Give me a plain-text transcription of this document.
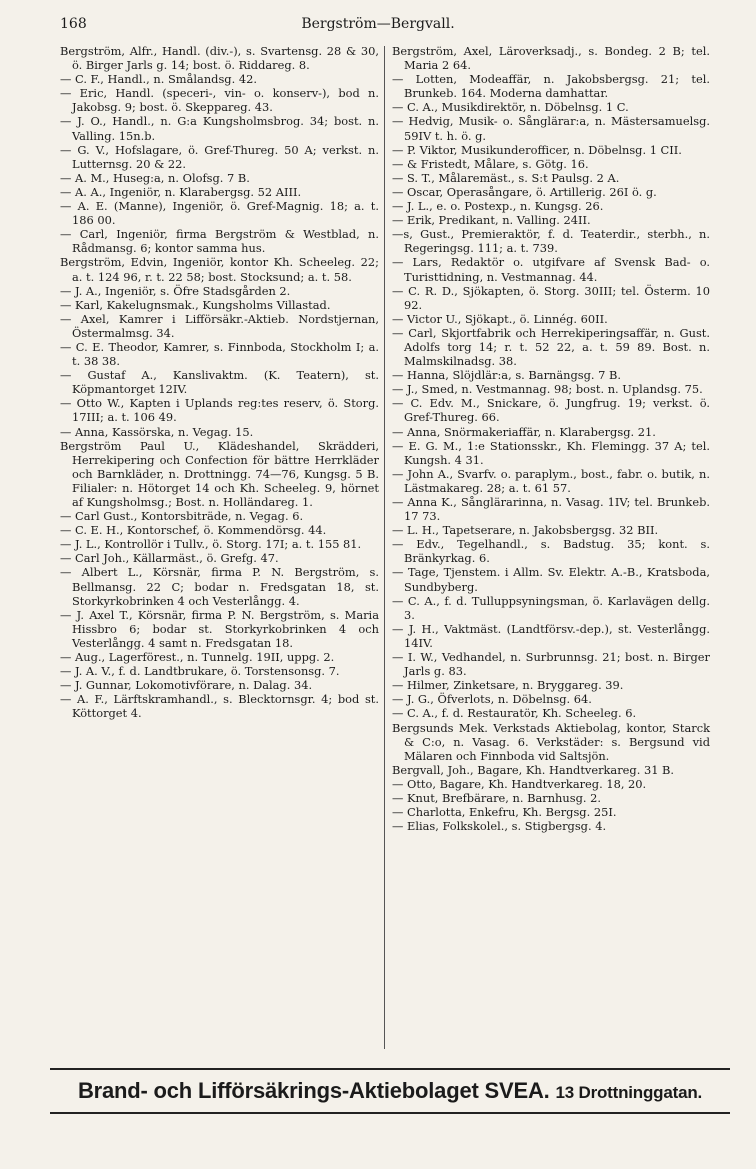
168	Bergström—Bergvall.

Bergström, Alfr., Handl. (div.-), s. Svartensg. 28 & 30, ö. Birger Jarls g. 14; bost. ö. Riddareg. 8.

— C. F., Handl., n. Smålandsg. 42.

— Eric, Handl. (speceri-, vin- o. konserv-), bod n. Jakobsg. 9; bost. ö. Skeppareg. 43.

— J. O., Handl., n. G:a Kungsholmsbrog. 34; bost. n. Valling. 15n.b.

— G. V., Hofslagare, ö. Gref-Thureg. 50 A; verkst. n. Lutternsg. 20 & 22.

— A. M., Huseg:a, n. Olofsg. 7 B.

— A. A., Ingeniör, n. Klarabergsg. 52 AIII.

— A. E. (Manne), Ingeniör, ö. Gref-Magnig. 18; a. t. 186 00.

— Carl, Ingeniör, firma Bergström & Westblad, n. Rådmansg. 6; kontor samma hus.

Bergström, Edvin, Ingeniör, kontor Kh. Scheeleg. 22; a. t. 124 96, r. t. 22 58; bost. Stocksund; a. t. 58.

— J. A., Ingeniör, s. Öfre Stadsgården 2.

— Karl, Kakelugnsmak., Kungsholms Villastad.

— Axel, Kamrer i Lifförsäkr.-Aktieb. Nordstjernan, Östermalmsg. 34.

— C. E. Theodor, Kamrer, s. Finnboda, Stockholm I; a. t. 38 38.

— Gustaf A., Kanslivaktm. (K. Teatern), st. Köpmantorget 12IV.

— Otto W., Kapten i Uplands reg:tes reserv, ö. Storg. 17III; a. t. 106 49.

— Anna, Kassörska, n. Vegag. 15.

Bergström Paul U., Klädeshandel, Skrädderi, Herrekipering och Confection för bättre Herrkläder och Barnkläder, n. Drottningg. 74—76, Kungsg. 5 B. Filialer: n. Hötorget 14 och Kh. Scheeleg. 9, hörnet af Kungsholmsg.; Bost. n. Holländareg. 1.

— Carl Gust., Kontorsbiträde, n. Vegag. 6.

— C. E. H., Kontorschef, ö. Kommendörsg. 44.

— J. L., Kontrollör i Tullv., ö. Storg. 17I; a. t. 155 81.

— Carl Joh., Källarmäst., ö. Grefg. 47.

— Albert L., Körsnär, firma P. N. Bergström, s. Bellmansg. 22 C; bodar n. Fredsgatan 18, st. Storkyrkobrinken 4 och Vesterlångg. 4.

— J. Axel T., Körsnär, firma P. N. Bergström, s. Maria Hissbro 6; bodar st. Storkyrkobrinken 4 och Vesterlångg. 4 samt n. Fredsgatan 18.

— Aug., Lagerförest., n. Tunnelg. 19II, uppg. 2.

— J. A. V., f. d. Landtbrukare, ö. Torstensonsg. 7.

— J. Gunnar, Lokomotivförare, n. Dalag. 34.

— A. F., Lärftskramhandl., s. Blecktornsgr. 4; bod st. Köttorget 4.

Bergström, Axel, Läroverksadj., s. Bondeg. 2 B; tel. Maria 2 64.

— Lotten, Modeaffär, n. Jakobsbergsg. 21; tel. Brunkeb. 164. Moderna damhattar.

— C. A., Musikdirektör, n. Döbelnsg. 1 C.

— Hedvig, Musik- o. Sånglärar:a, n. Mästersamuelsg. 59IV t. h. ö. g.

— P. Viktor, Musikunderofficer, n. Döbelnsg. 1 CII.

— & Fristedt, Målare, s. Götg. 16.

— S. T., Målaremäst., s. S:t Paulsg. 2 A.

— Oscar, Operasångare, ö. Artillerig. 26I ö. g.

— J. L., e. o. Postexp., n. Kungsg. 26.

— Erik, Predikant, n. Valling. 24II.

—s, Gust., Premieraktör, f. d. Teaterdir., sterbh., n. Regeringsg. 111; a. t. 739.

— Lars, Redaktör o. utgifvare af Svensk Bad- o. Turisttidning, n. Vestmannag. 44.

— C. R. D., Sjökapten, ö. Storg. 30III; tel. Österm. 10 92.

— Victor U., Sjökapt., ö. Linnég. 60II.

— Carl, Skjortfabrik och Herrekiperingsaffär, n. Gust. Adolfs torg 14; r. t. 52 22, a. t. 59 89. Bost. n. Malmskilnadsg. 38.

— Hanna, Slöjdlär:a, s. Barnängsg. 7 B.

— J., Smed, n. Vestmannag. 98; bost. n. Uplandsg. 75.

— C. Edv. M., Snickare, ö. Jungfrug. 19; verkst. ö. Gref-Thureg. 66.

— Anna, Snörmakeriaffär, n. Klarabergsg. 21.

— E. G. M., 1:e Stationsskr., Kh. Flemingg. 37 A; tel. Kungsh. 4 31.

— John A., Svarfv. o. paraplym., bost., fabr. o. butik, n. Lästmakareg. 28; a. t. 61 57.

— Anna K., Sånglärarinna, n. Vasag. 1IV; tel. Brunkeb. 17 73.

— L. H., Tapetserare, n. Jakobsbergsg. 32 BII.

— Edv., Tegelhandl., s. Badstug. 35; kont. s. Bränkyrkag. 6.

— Tage, Tjenstem. i Allm. Sv. Elektr. A.-B., Kratsboda, Sundbyberg.

— C. A., f. d. Tulluppsyningsman, ö. Karlavägen dellg. 3.

— J. H., Vaktmäst. (Landtförsv.-dep.), st. Vesterlångg. 14IV.

— I. W., Vedhandel, n. Surbrunnsg. 21; bost. n. Birger Jarls g. 83.

— Hilmer, Zinketsare, n. Bryggareg. 39.

— J. G., Öfverlots, n. Döbelnsg. 64.

— C. A., f. d. Restauratör, Kh. Scheeleg. 6.

Bergsunds Mek. Verkstads Aktiebolag, kontor, Starck & C:o, n. Vasag. 6. Verkstäder: s. Bergsund vid Mälaren och Finnboda vid Saltsjön.

Bergvall, Joh., Bagare, Kh. Handtverkareg. 31 B.

— Otto, Bagare, Kh. Handtverkareg. 18, 20.

— Knut, Brefbärare, n. Barnhusg. 2.

— Charlotta, Enkefru, Kh. Bergsg. 25I.

— Elias, Folkskolel., s. Stigbergsg. 4.

Brand- och Lifförsäkrings-Aktiebolaget SVEA. 13 Drottninggatan.
